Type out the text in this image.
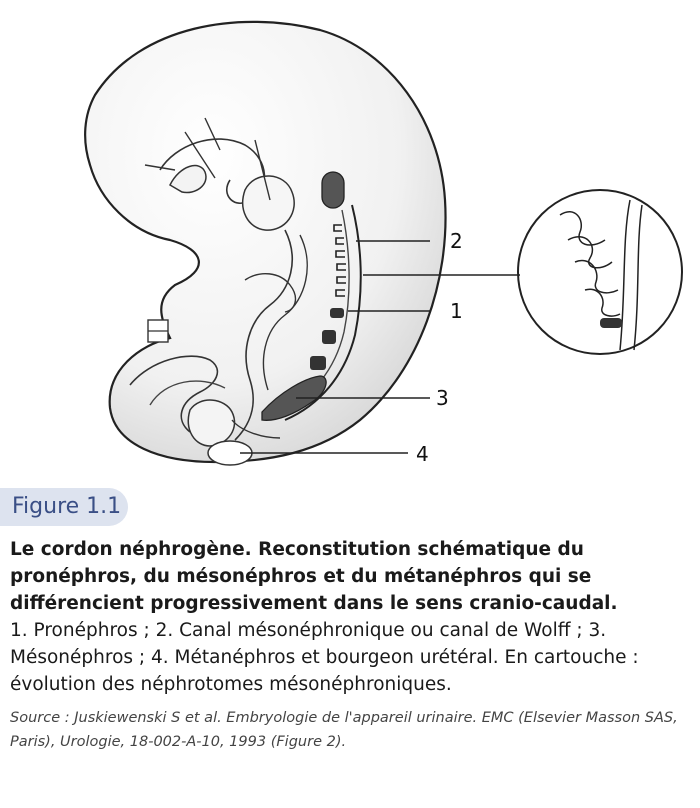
2
1
3
4
Figure 1.1
Le cordon néphrogène. Reconstitution schématique du pronéphros, du mésonéphros et du métanéphros qui se différencient progressivement dans le sens cranio-caudal.
1. Pronéphros ; 2. Canal mésonéphronique ou canal de Wolff ; 3. Mésonéphros ; 4. Métanéphros et bourgeon urétéral. En cartouche : évolution des néphrotomes mésonéphroniques.
Source : Juskiewenski S et al. Embryologie de l'appareil urinaire. EMC (Elsevier Masson SAS, Paris), Urologie, 18-002-A-10, 1993 (Figure 2).
